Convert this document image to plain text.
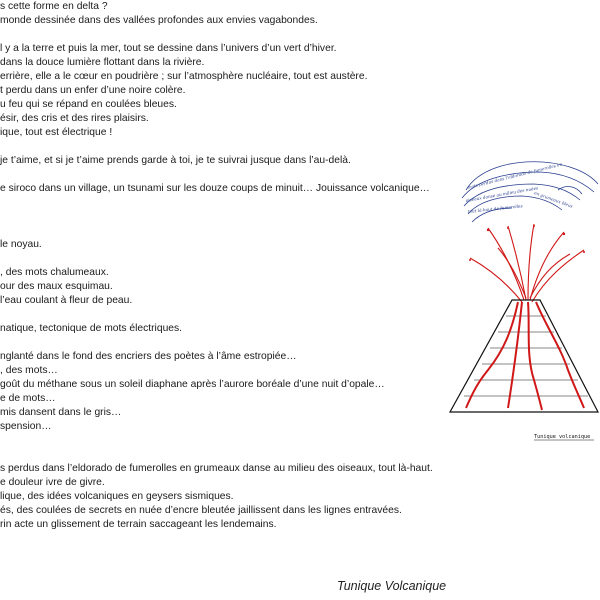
s cette forme en delta ?
monde dessinée dans des vallées profondes aux envies vagabondes.
l y a la terre et puis la mer, tout se dessine dans l’univers d’un vert d’hiver.
dans la douce lumière flottant dans la rivière.
errière, elle a le cœur en poudrière ; sur l’atmosphère nucléaire, tout est austère.
t perdu dans un enfer d’une noire colère.
u feu qui se répand en coulées bleues.
ésir, des cris et des rires plaisirs.
ique, tout est électrique !
je t’aime, et si je t’aime prends garde à toi, je te suivrai jusque dans l’au-delà.
e siroco dans un village, un tsunami sur les douze coups de minuit… Jouissance volcanique…
le noyau.
, des mots chalumeaux.
our des maux esquimau.
l’eau coulant à fleur de peau.
natique, tectonique de mots électriques.
nglanté dans le fond des encriers des poètes à l’âme estropiée…
, des mots…
goût du méthane sous un soleil diaphane après l’aurore boréale d’une nuit d’opale…
e de mots…
mis dansent dans le gris…
spension…
s perdus dans l’eldorado de fumerolles en grumeaux danse au milieu des oiseaux, tout là-haut.
e douleur ivre de givre.
lique, des idées volcaniques en geysers sismiques.
és, des coulées de secrets en nuée d’encre bleutée jaillissent dans les lignes entravées.
rin acte un glissement de terrain saccageant les lendemains.
Tunique Volcanique
mots perdus dans l’eldorado de fumerolles en
oiseaux danse au milieu des nuées
tout là-haut de fumerolles	en grumeaux bleus
Tunique volcanique
